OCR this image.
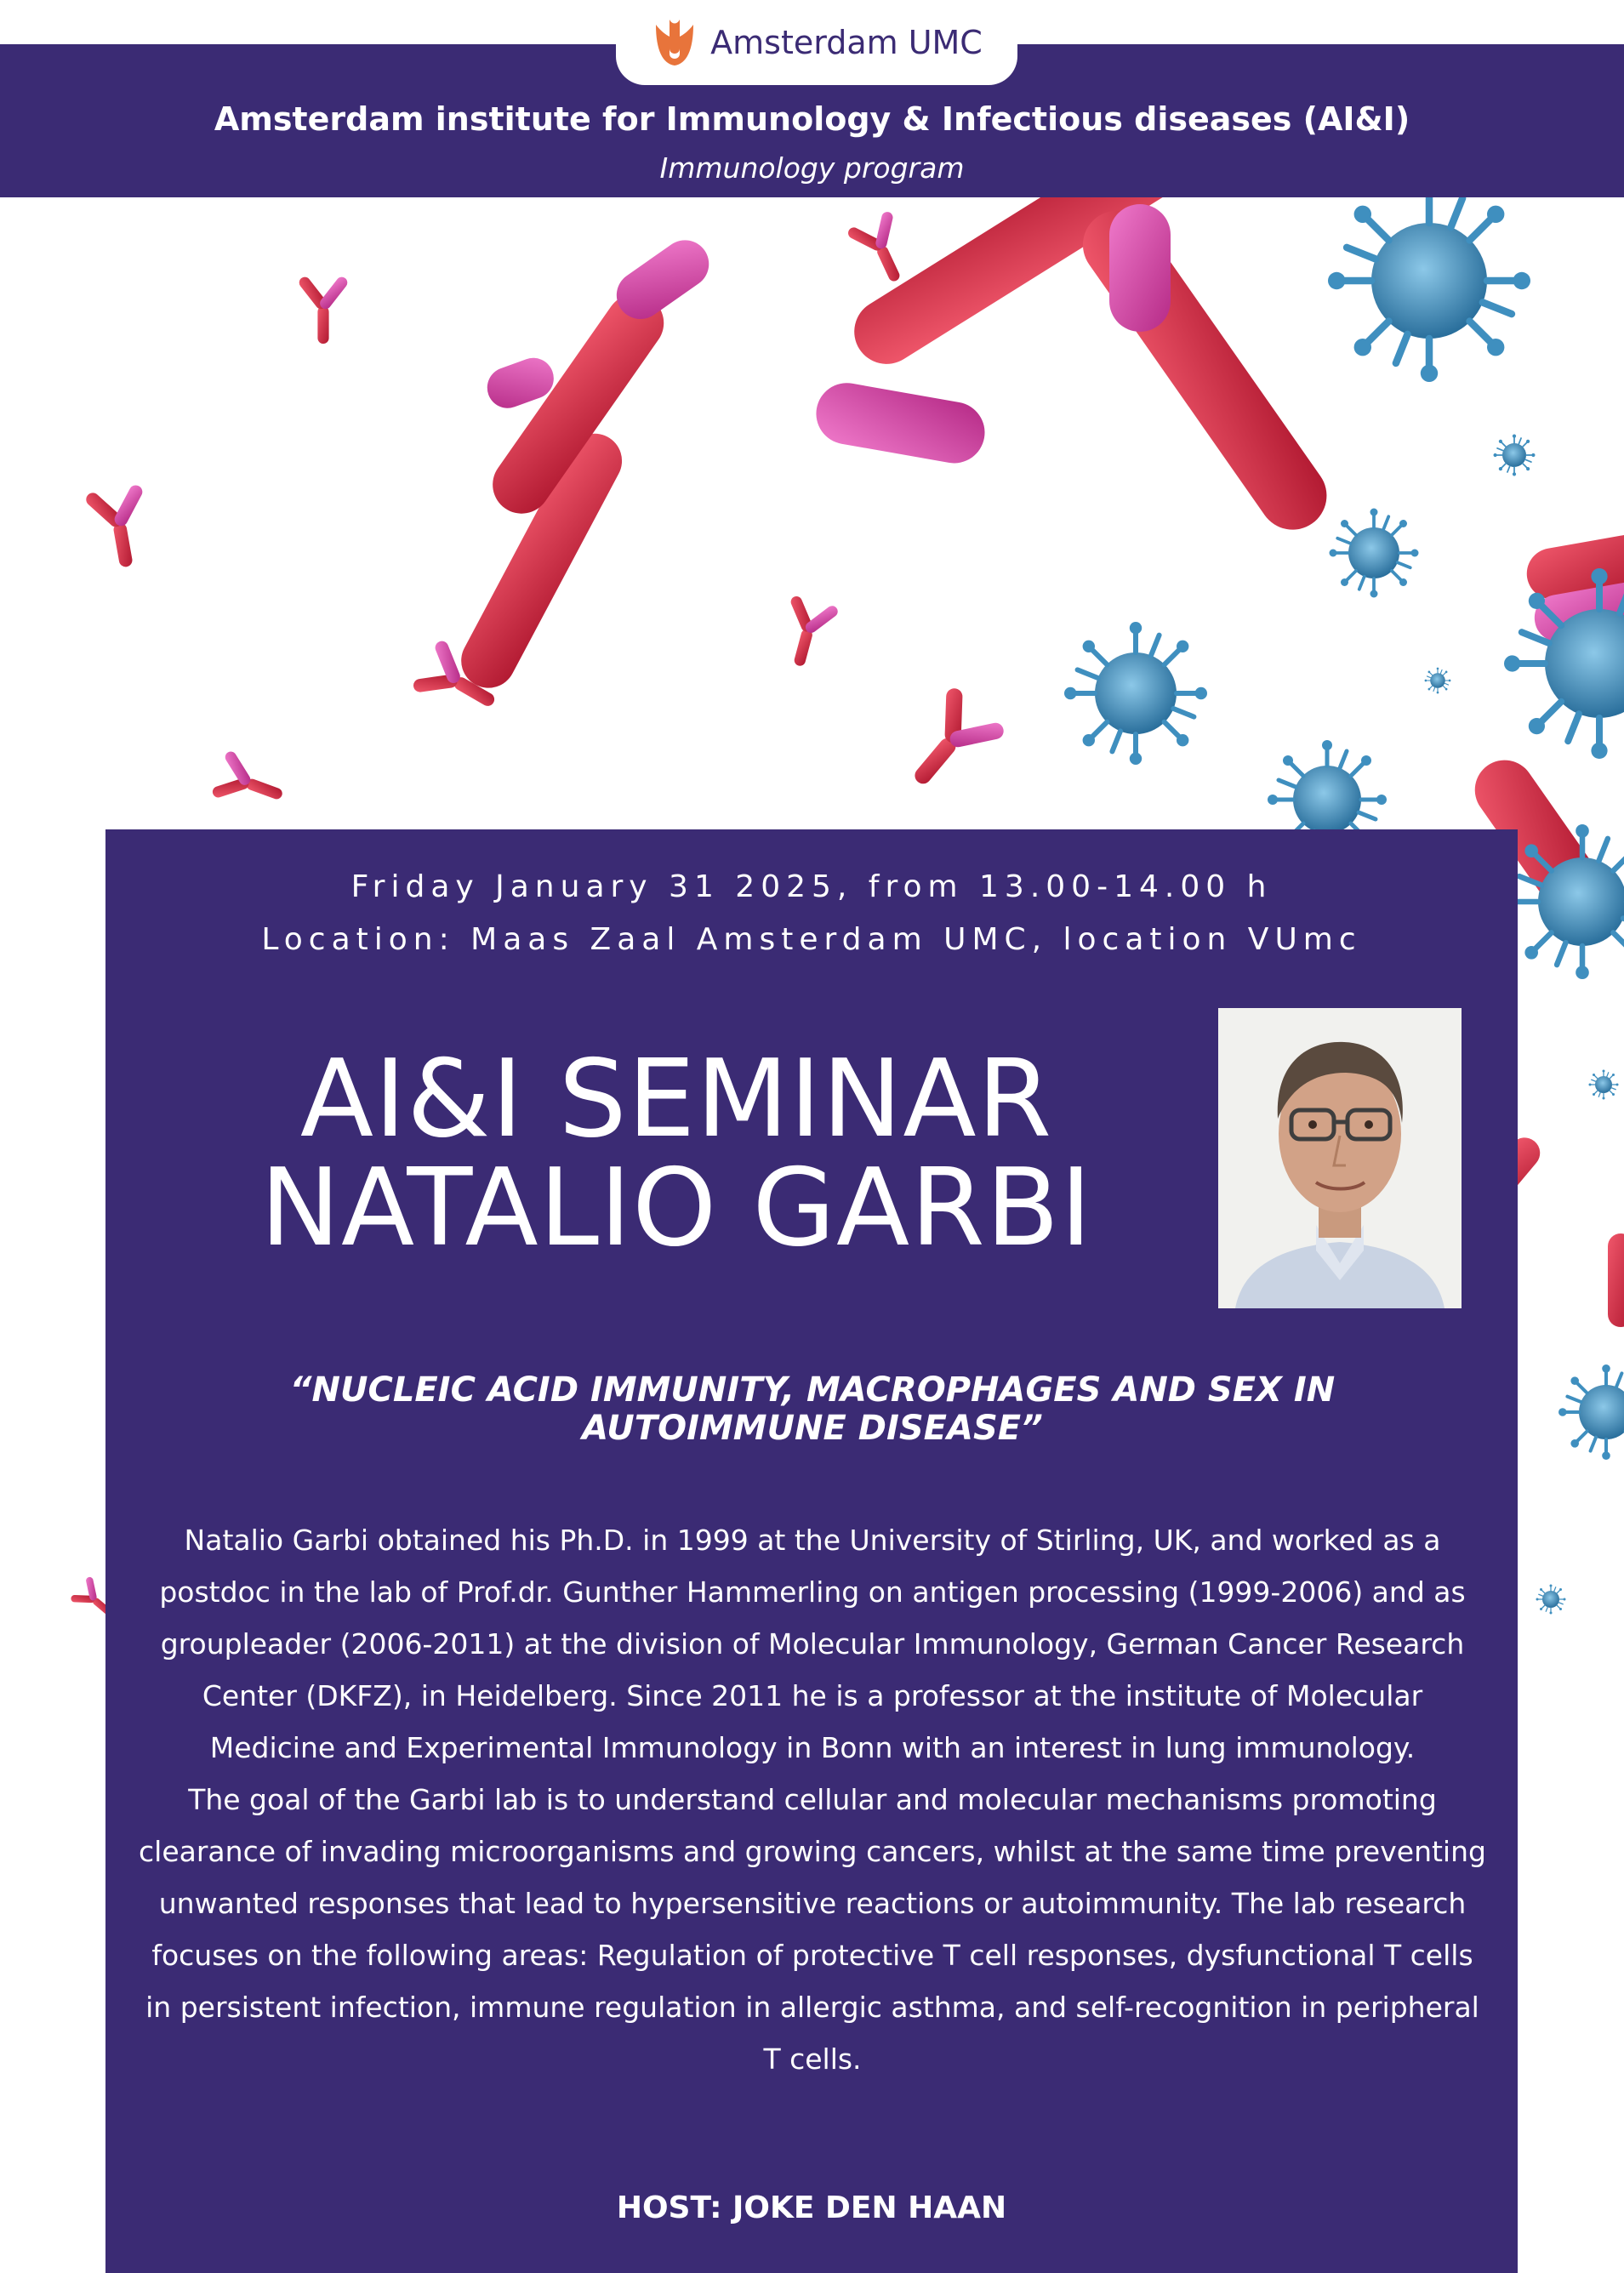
Amsterdam UMC
Amsterdam institute for Immunology & Infectious diseases (AI&I)
Immunology program
Friday January 31 2025, from 13.00-14.00 h
Location: Maas Zaal Amsterdam UMC, location VUmc
AI&I SEMINAR
NATALIO GARBI
“NUCLEIC ACID IMMUNITY, MACROPHAGES AND SEX IN AUTOIMMUNE DISEASE”

Natalio Garbi obtained his Ph.D. in 1999 at the University of Stirling, UK, and worked as a postdoc in the lab of Prof.dr. Gunther Hammerling on antigen processing (1999-2006) and as groupleader (2006-2011) at the division of Molecular Immunology, German Cancer Research Center (DKFZ), in Heidelberg. Since 2011 he is a professor at the institute of Molecular Medicine and Experimental Immunology in Bonn with an interest in lung immunology.

The goal of the Garbi lab is to understand cellular and molecular mechanisms promoting clearance of invading microorganisms and growing cancers, whilst at the same time preventing unwanted responses that lead to hypersensitive reactions or autoimmunity. The lab research focuses on the following areas: Regulation of protective T cell responses, dysfunctional T cells in persistent infection, immune regulation in allergic asthma, and self-recognition in peripheral T cells.

HOST: JOKE DEN HAAN
